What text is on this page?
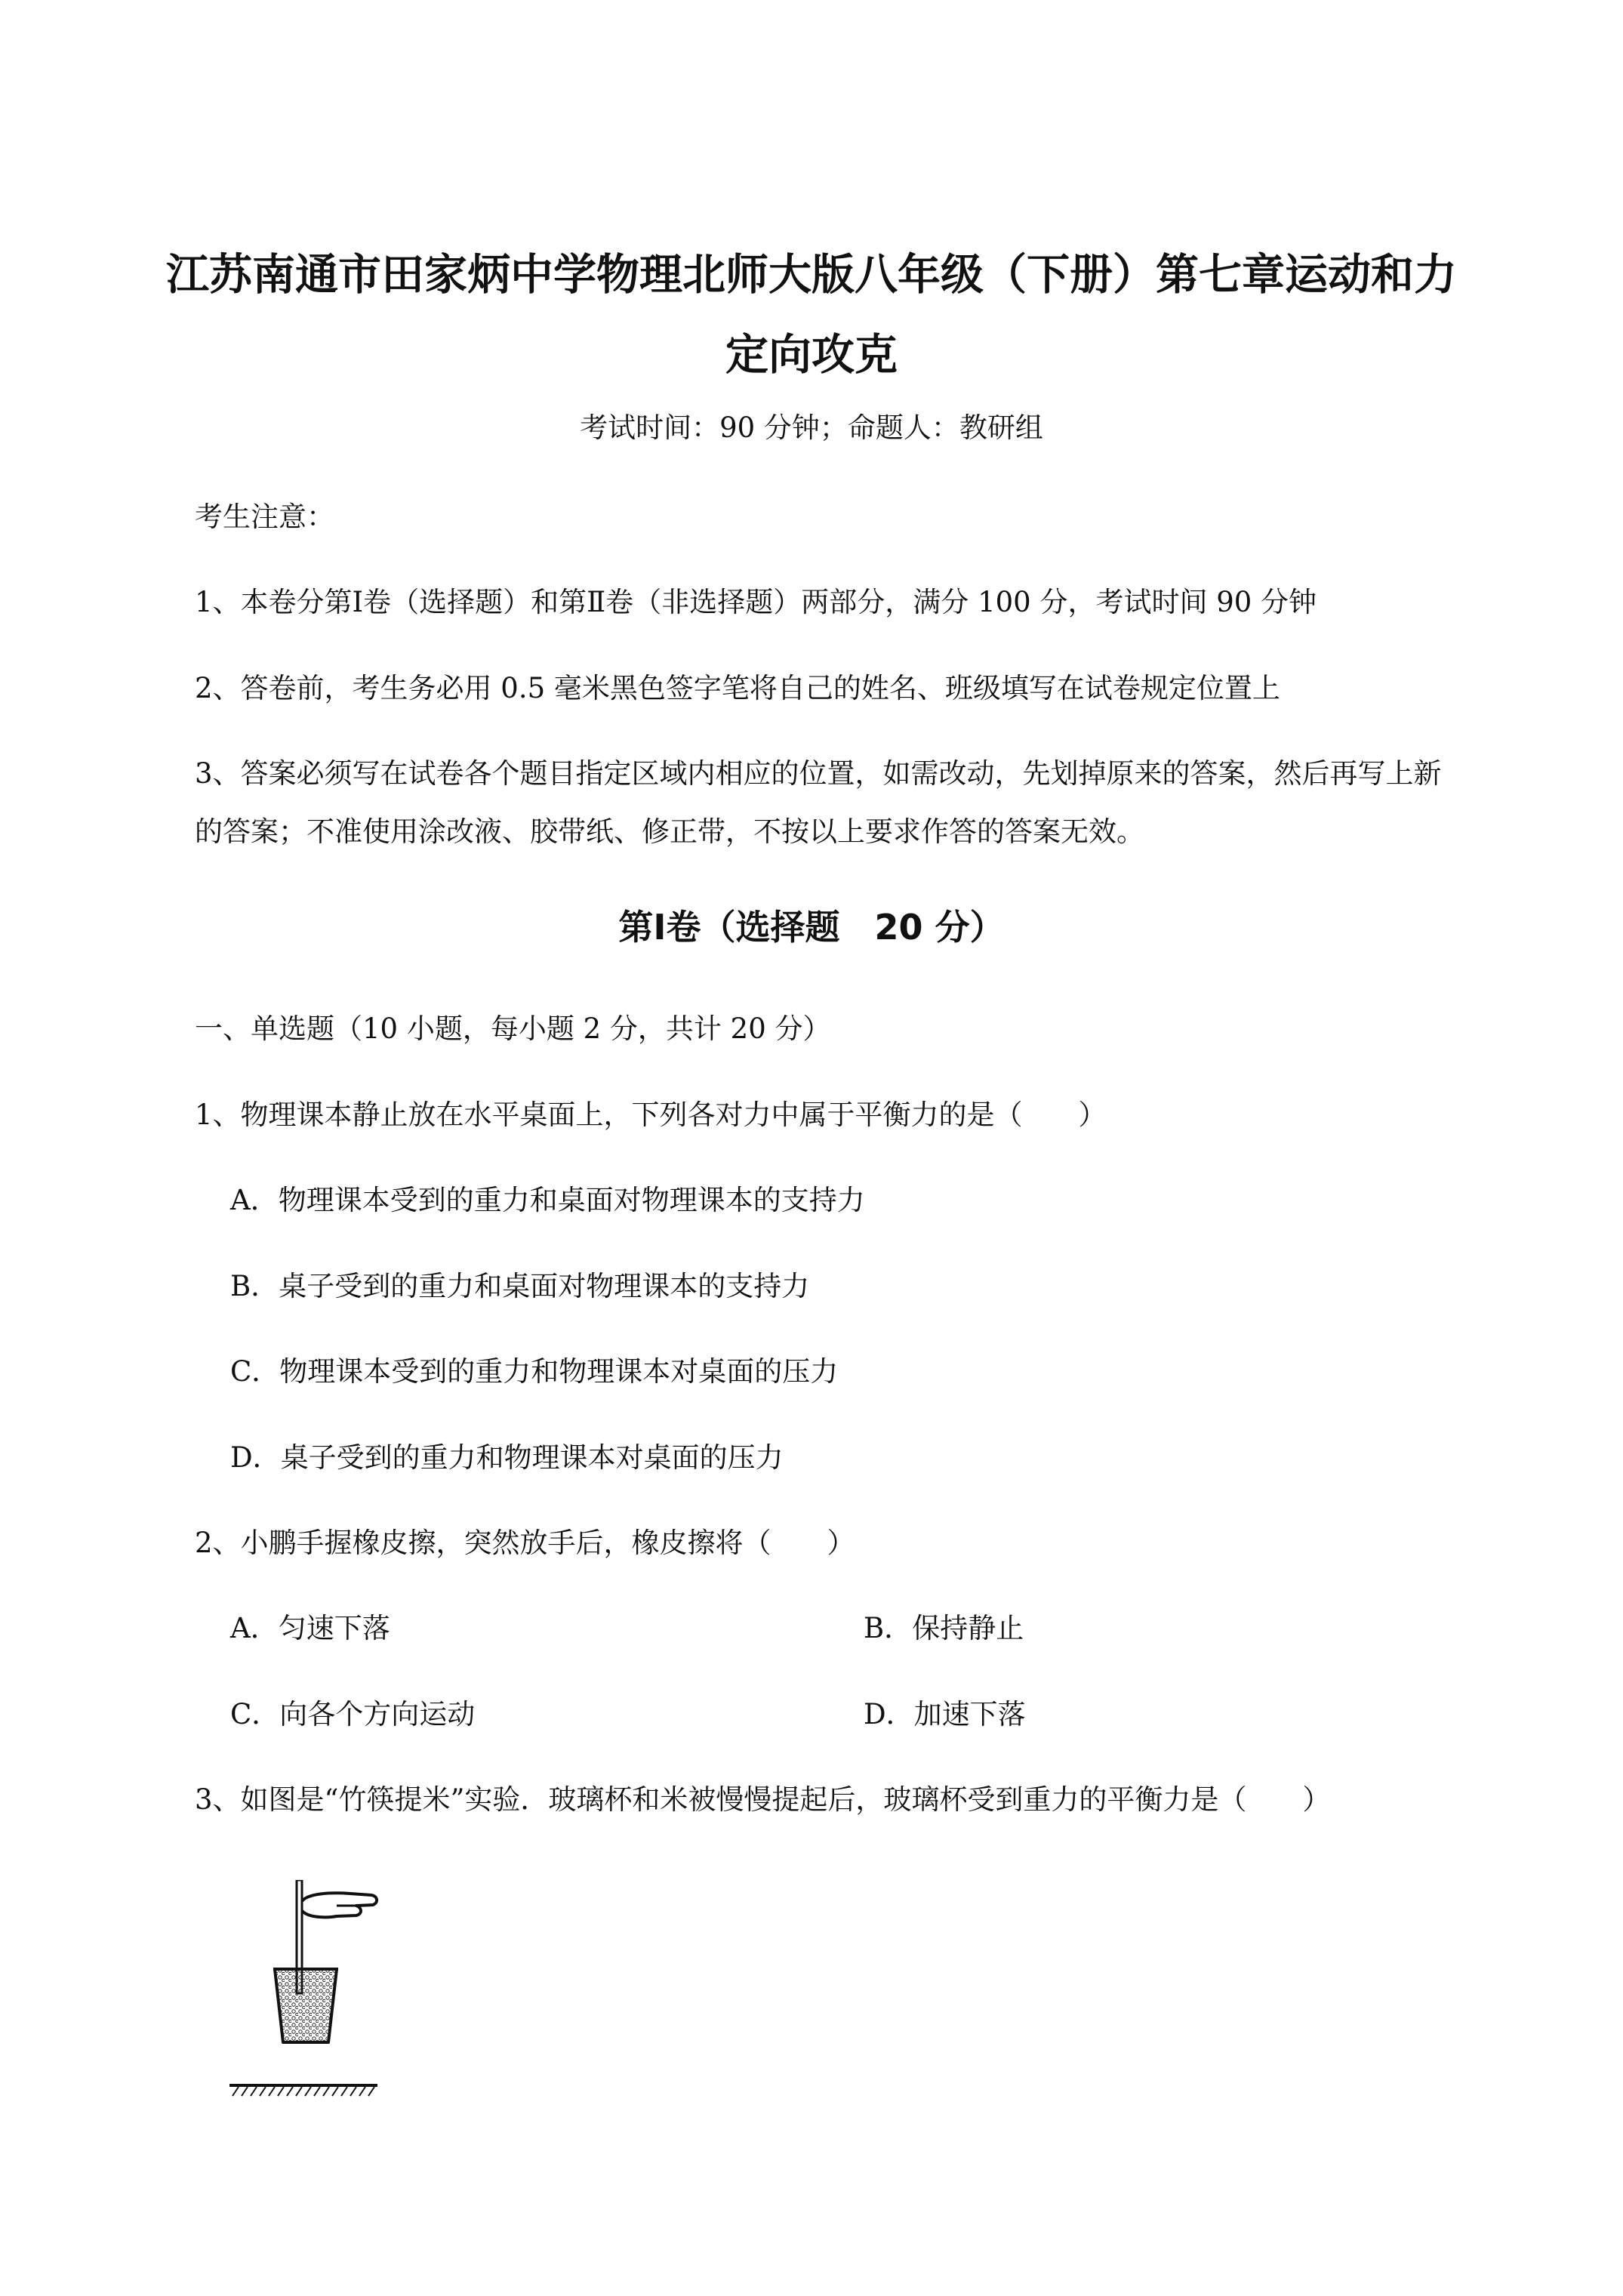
江苏南通市田家炳中学物理北师大版八年级（下册）第七章运动和力
定向攻克
考试时间：90 分钟；命题人：教研组
考生注意：
1、本卷分第Ⅰ卷（选择题）和第Ⅱ卷（非选择题）两部分，满分 100 分，考试时间 90 分钟
2、答卷前，考生务必用 0.5 毫米黑色签字笔将自己的姓名、班级填写在试卷规定位置上
3、答案必须写在试卷各个题目指定区域内相应的位置，如需改动，先划掉原来的答案，然后再写上新
的答案；不准使用涂改液、胶带纸、修正带，不按以上要求作答的答案无效。
第Ⅰ卷（选择题　20 分）
一、单选题（10 小题，每小题 2 分，共计 20 分）
1、物理课本静止放在水平桌面上，下列各对力中属于平衡力的是（　　）
A．物理课本受到的重力和桌面对物理课本的支持力
B．桌子受到的重力和桌面对物理课本的支持力
C．物理课本受到的重力和物理课本对桌面的压力
D．桌子受到的重力和物理课本对桌面的压力
2、小鹏手握橡皮擦，突然放手后，橡皮擦将（　　）
A．匀速下落	B．保持静止
C．向各个方向运动	D．加速下落
3、如图是“竹筷提米”实验．玻璃杯和米被慢慢提起后，玻璃杯受到重力的平衡力是（　　）
